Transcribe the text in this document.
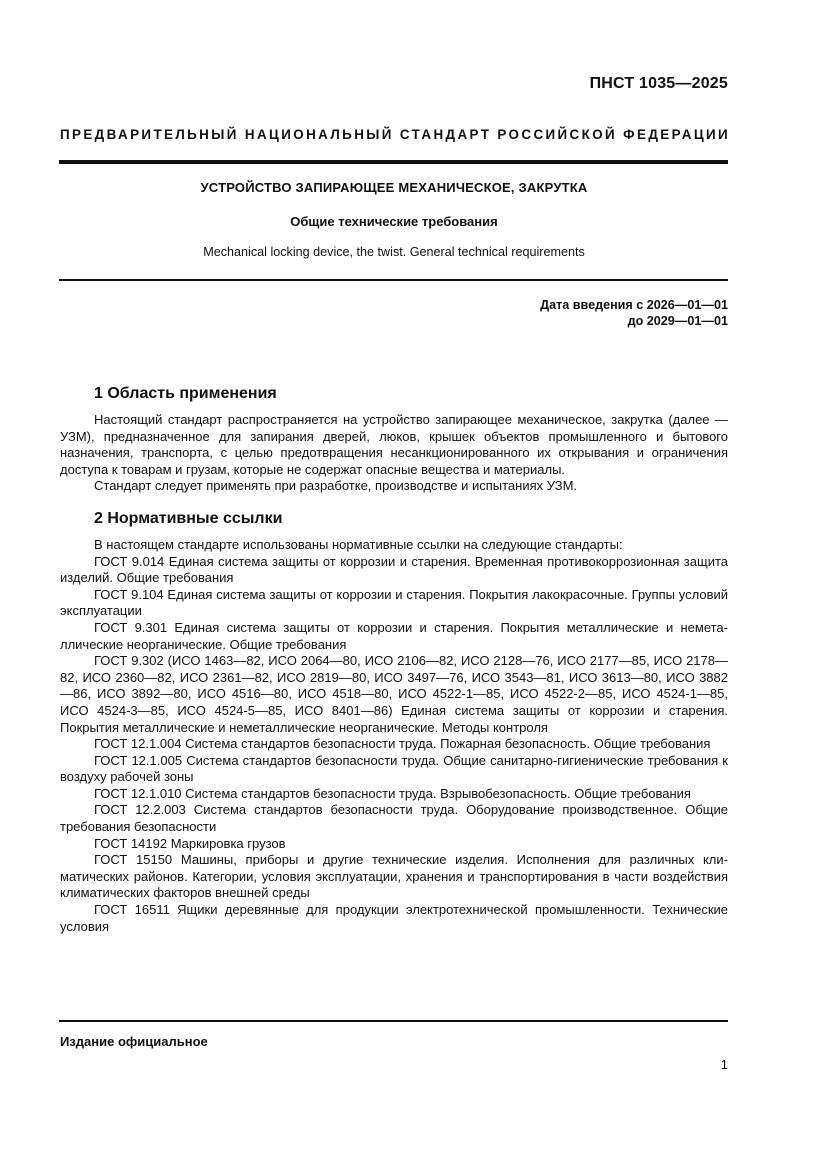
ПНСТ 1035—2025
ПРЕДВАРИТЕЛЬНЫЙ НАЦИОНАЛЬНЫЙ СТАНДАРТ РОССИЙСКОЙ ФЕДЕРАЦИИ
УСТРОЙСТВО ЗАПИРАЮЩЕЕ МЕХАНИЧЕСКОЕ, ЗАКРУТКА
Общие технические требования
Mechanical locking device, the twist. General technical requirements
Дата введения с 2026—01—01
до 2029—01—01
1 Область применения

Настоящий стандарт распространяется на устройство запирающее механическое, закрутка (далее — УЗМ), предназначенное для запирания дверей, люков, крышек объектов промышленного и бытового назначения, транспорта, с целью предотвращения несанкционированного их открывания и ограничения доступа к товарам и грузам, которые не содержат опасные вещества и материалы.

Стандарт следует применять при разработке, производстве и испытаниях УЗМ.

2 Нормативные ссылки

В настоящем стандарте использованы нормативные ссылки на следующие стандарты:

ГОСТ 9.014 Единая система защиты от коррозии и старения. Временная противокоррозионная защита изделий. Общие требования

ГОСТ 9.104 Единая система защиты от коррозии и старения. Покрытия лакокрасочные. Группы условий эксплуатации

ГОСТ 9.301 Единая система защиты от коррозии и старения. Покрытия металлические и неметаллические неорганические. Общие требования

ГОСТ 9.302 (ИСО 1463—82, ИСО 2064—80, ИСО 2106—82, ИСО 2128—76, ИСО 2177—85, ИСО 2178—82, ИСО 2360—82, ИСО 2361—82, ИСО 2819—80, ИСО 3497—76, ИСО 3543—81, ИСО 3613—80, ИСО 3882—86, ИСО 3892—80, ИСО 4516—80, ИСО 4518—80, ИСО 4522-1—85, ИСО 4522-2—85, ИСО 4524-1—85, ИСО 4524-3—85, ИСО 4524-5—85, ИСО 8401—86) Единая система защиты от коррозии и старения. Покрытия металлические и неметаллические неорганические. Методы контроля

ГОСТ 12.1.004 Система стандартов безопасности труда. Пожарная безопасность. Общие требования

ГОСТ 12.1.005 Система стандартов безопасности труда. Общие санитарно-гигиенические требования к воздуху рабочей зоны

ГОСТ 12.1.010 Система стандартов безопасности труда. Взрывобезопасность. Общие требования

ГОСТ 12.2.003 Система стандартов безопасности труда. Оборудование производственное. Общие требования безопасности

ГОСТ 14192 Маркировка грузов

ГОСТ 15150 Машины, приборы и другие технические изделия. Исполнения для различных климатических районов. Категории, условия эксплуатации, хранения и транспортирования в части воздействия климатических факторов внешней среды

ГОСТ 16511 Ящики деревянные для продукции электротехнической промышленности. Технические условия

Издание официальное
1
